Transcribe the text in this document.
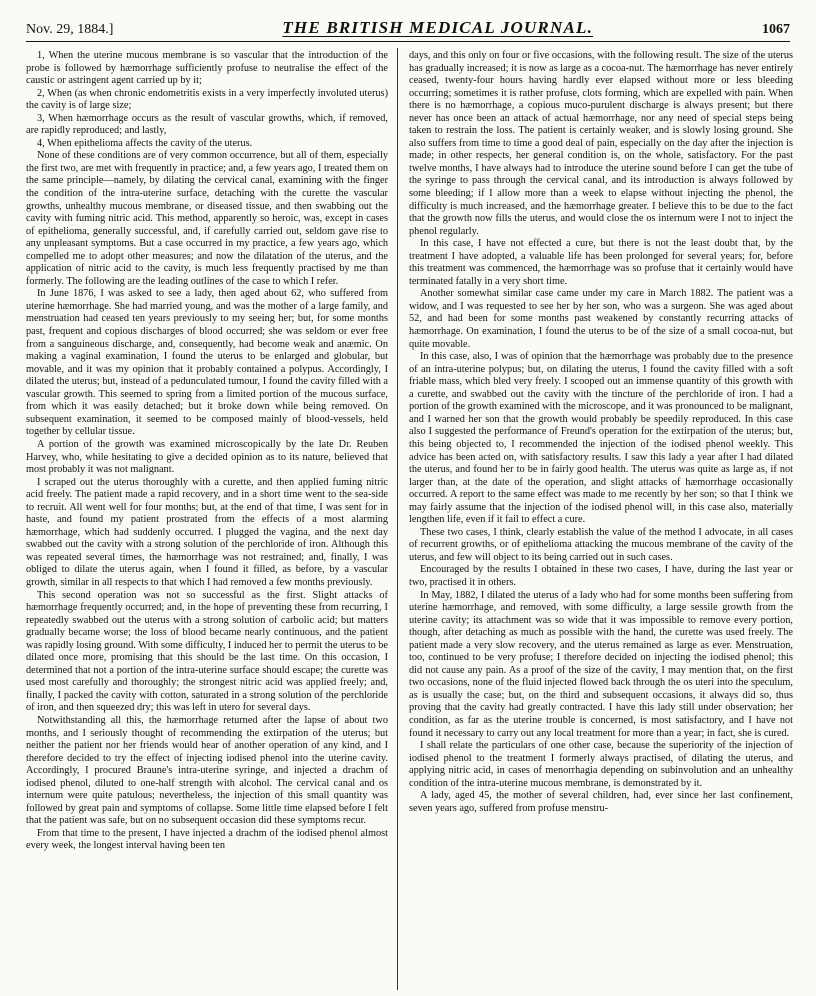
Nov. 29, 1884.]	THE BRITISH MEDICAL JOURNAL.	1067

1, When the uterine mucous membrane is so vascular that the introduction of the probe is followed by hæmorrhage sufficiently profuse to neutralise the effect of the caustic or astringent agent carried up by it;

2, When (as when chronic endometritis exists in a very imperfectly involuted uterus) the cavity is of large size;

3, When hæmorrhage occurs as the result of vascular growths, which, if removed, are rapidly reproduced; and lastly,

4, When epithelioma affects the cavity of the uterus.

None of these conditions are of very common occurrence, but all of them, especially the first two, are met with frequently in practice; and, a few years ago, I treated them on the same principle—namely, by dilating the cervical canal, examining with the finger the condition of the intra-uterine surface, detaching with the curette the vascular growths, unhealthy mucous membrane, or diseased tissue, and then swabbing out the cavity with fuming nitric acid. This method, apparently so heroic, was, except in cases of epithelioma, generally successful, and, if carefully carried out, seldom gave rise to any unpleasant symptoms. But a case occurred in my practice, a few years ago, which compelled me to adopt other measures; and now the dilatation of the uterus, and the application of nitric acid to the cavity, is much less frequently practised by me than formerly. The following are the leading outlines of the case to which I refer.

In June 1876, I was asked to see a lady, then aged about 62, who suffered from uterine hæmorrhage. She had married young, and was the mother of a large family, and menstruation had ceased ten years previously to my seeing her; but, for some months past, frequent and copious discharges of blood occurred; she was seldom or ever free from a sanguineous discharge, and, consequently, had become weak and anæmic. On making a vaginal examination, I found the uterus to be enlarged and globular, but movable, and it was my opinion that it probably contained a polypus. Accordingly, I dilated the uterus; but, instead of a pedunculated tumour, I found the cavity filled with a vascular growth. This seemed to spring from a limited portion of the mucous surface, from which it was easily detached; but it broke down while being removed. On subsequent examination, it seemed to be composed mainly of blood-vessels, held together by cellular tissue.

A portion of the growth was examined microscopically by the late Dr. Reuben Harvey, who, while hesitating to give a decided opinion as to its nature, believed that most probably it was not malignant.

I scraped out the uterus thoroughly with a curette, and then applied fuming nitric acid freely. The patient made a rapid recovery, and in a short time went to the sea-side to recruit. All went well for four months; but, at the end of that time, I was sent for in haste, and found my patient prostrated from the effects of a most alarming hæmorrhage, which had suddenly occurred. I plugged the vagina, and the next day swabbed out the cavity with a strong solution of the perchloride of iron. Although this was repeated several times, the hæmorrhage was not restrained; and, finally, I was obliged to dilate the uterus again, when I found it filled, as before, by a vascular growth, similar in all respects to that which I had removed a few months previously.

This second operation was not so successful as the first. Slight attacks of hæmorrhage frequently occurred; and, in the hope of preventing these from recurring, I repeatedly swabbed out the uterus with a strong solution of carbolic acid; but matters gradually became worse; the loss of blood became nearly continuous, and the patient was rapidly losing ground. With some difficulty, I induced her to permit the uterus to be dilated once more, promising that this should be the last time. On this occasion, I determined that not a portion of the intra-uterine surface should escape; the curette was used most carefully and thoroughly; the strongest nitric acid was applied freely; and, finally, I packed the cavity with cotton, saturated in a strong solution of the perchloride of iron, and then squeezed dry; this was left in utero for several days.

Notwithstanding all this, the hæmorrhage returned after the lapse of about two months, and I seriously thought of recommending the extirpation of the uterus; but neither the patient nor her friends would hear of another operation of any kind, and I therefore decided to try the effect of injecting iodised phenol into the uterine cavity. Accordingly, I procured Braune's intra-uterine syringe, and injected a drachm of iodised phenol, diluted to one-half strength with alcohol. The cervical canal and os internum were quite patulous; nevertheless, the injection of this small quantity was followed by great pain and symptoms of collapse. Some little time elapsed before I felt that the patient was safe, but on no subsequent occasion did these symptoms recur.

From that time to the present, I have injected a drachm of the iodised phenol almost every week, the longest interval having been ten

days, and this only on four or five occasions, with the following result. The size of the uterus has gradually increased; it is now as large as a cocoa-nut. The hæmorrhage has never entirely ceased, twenty-four hours having hardly ever elapsed without more or less bleeding occurring; sometimes it is rather profuse, clots forming, which are expelled with pain. When there is no hæmorrhage, a copious muco-purulent discharge is always present; but there never has once been an attack of actual hæmorrhage, nor any need of special steps being taken to restrain the loss. The patient is certainly weaker, and is slowly losing ground. She also suffers from time to time a good deal of pain, especially on the day after the injection is made; in other respects, her general condition is, on the whole, satisfactory. For the past twelve months, I have always had to introduce the uterine sound before I can get the tube of the syringe to pass through the cervical canal, and its introduction is always followed by some bleeding; if I allow more than a week to elapse without injecting the phenol, the difficulty is much increased, and the hæmorrhage greater. I believe this to be due to the fact that the growth now fills the uterus, and would close the os internum were I not to inject the phenol regularly.

In this case, I have not effected a cure, but there is not the least doubt that, by the treatment I have adopted, a valuable life has been prolonged for several years; for, before this treatment was commenced, the hæmorrhage was so profuse that it certainly would have terminated fatally in a very short time.

Another somewhat similar case came under my care in March 1882. The patient was a widow, and I was requested to see her by her son, who was a surgeon. She was aged about 52, and had been for some months past weakened by constantly recurring attacks of hæmorrhage. On examination, I found the uterus to be of the size of a small cocoa-nut, but quite movable.

In this case, also, I was of opinion that the hæmorrhage was probably due to the presence of an intra-uterine polypus; but, on dilating the uterus, I found the cavity filled with a soft friable mass, which bled very freely. I scooped out an immense quantity of this growth with a curette, and swabbed out the cavity with the tincture of the perchloride of iron. I had a portion of the growth examined with the microscope, and it was pronounced to be malignant, and I warned her son that the growth would probably be speedily reproduced. In this case also I suggested the performance of Freund's operation for the extirpation of the uterus; but, this being objected to, I recommended the injection of the iodised phenol weekly. This advice has been acted on, with satisfactory results. I saw this lady a year after I had dilated the uterus, and found her to be in fairly good health. The uterus was quite as large as, if not larger than, at the date of the operation, and slight attacks of hæmorrhage occasionally occurred. A report to the same effect was made to me recently by her son; so that I think we may fairly assume that the injection of the iodised phenol will, in this case also, materially lengthen life, even if it fail to effect a cure.

These two cases, I think, clearly establish the value of the method I advocate, in all cases of recurrent growths, or of epithelioma attacking the mucous membrane of the cavity of the uterus, and few will object to its being carried out in such cases.

Encouraged by the results I obtained in these two cases, I have, during the last year or two, practised it in others.

In May, 1882, I dilated the uterus of a lady who had for some months been suffering from uterine hæmorrhage, and removed, with some difficulty, a large sessile growth from the uterine cavity; its attachment was so wide that it was impossible to remove every portion, though, after detaching as much as possible with the hand, the curette was used freely. The patient made a very slow recovery, and the uterus remained as large as ever. Menstruation, too, continued to be very profuse; I therefore decided on injecting the iodised phenol; this did not cause any pain. As a proof of the size of the cavity, I may mention that, on the first two occasions, none of the fluid injected flowed back through the os uteri into the speculum, as is usually the case; but, on the third and subsequent occasions, it always did so, thus proving that the cavity had greatly contracted. I have this lady still under observation; her condition, as far as the uterine trouble is concerned, is most satisfactory, and I have not found it necessary to carry out any local treatment for more than a year; in fact, she is cured.

I shall relate the particulars of one other case, because the superiority of the injection of iodised phenol to the treatment I formerly always practised, of dilating the uterus, and applying nitric acid, in cases of menorrhagia depending on subinvolution and an unhealthy condition of the intra-uterine mucous membrane, is demonstrated by it.

A lady, aged 45, the mother of several children, had, ever since her last confinement, seven years ago, suffered from profuse menstru-
